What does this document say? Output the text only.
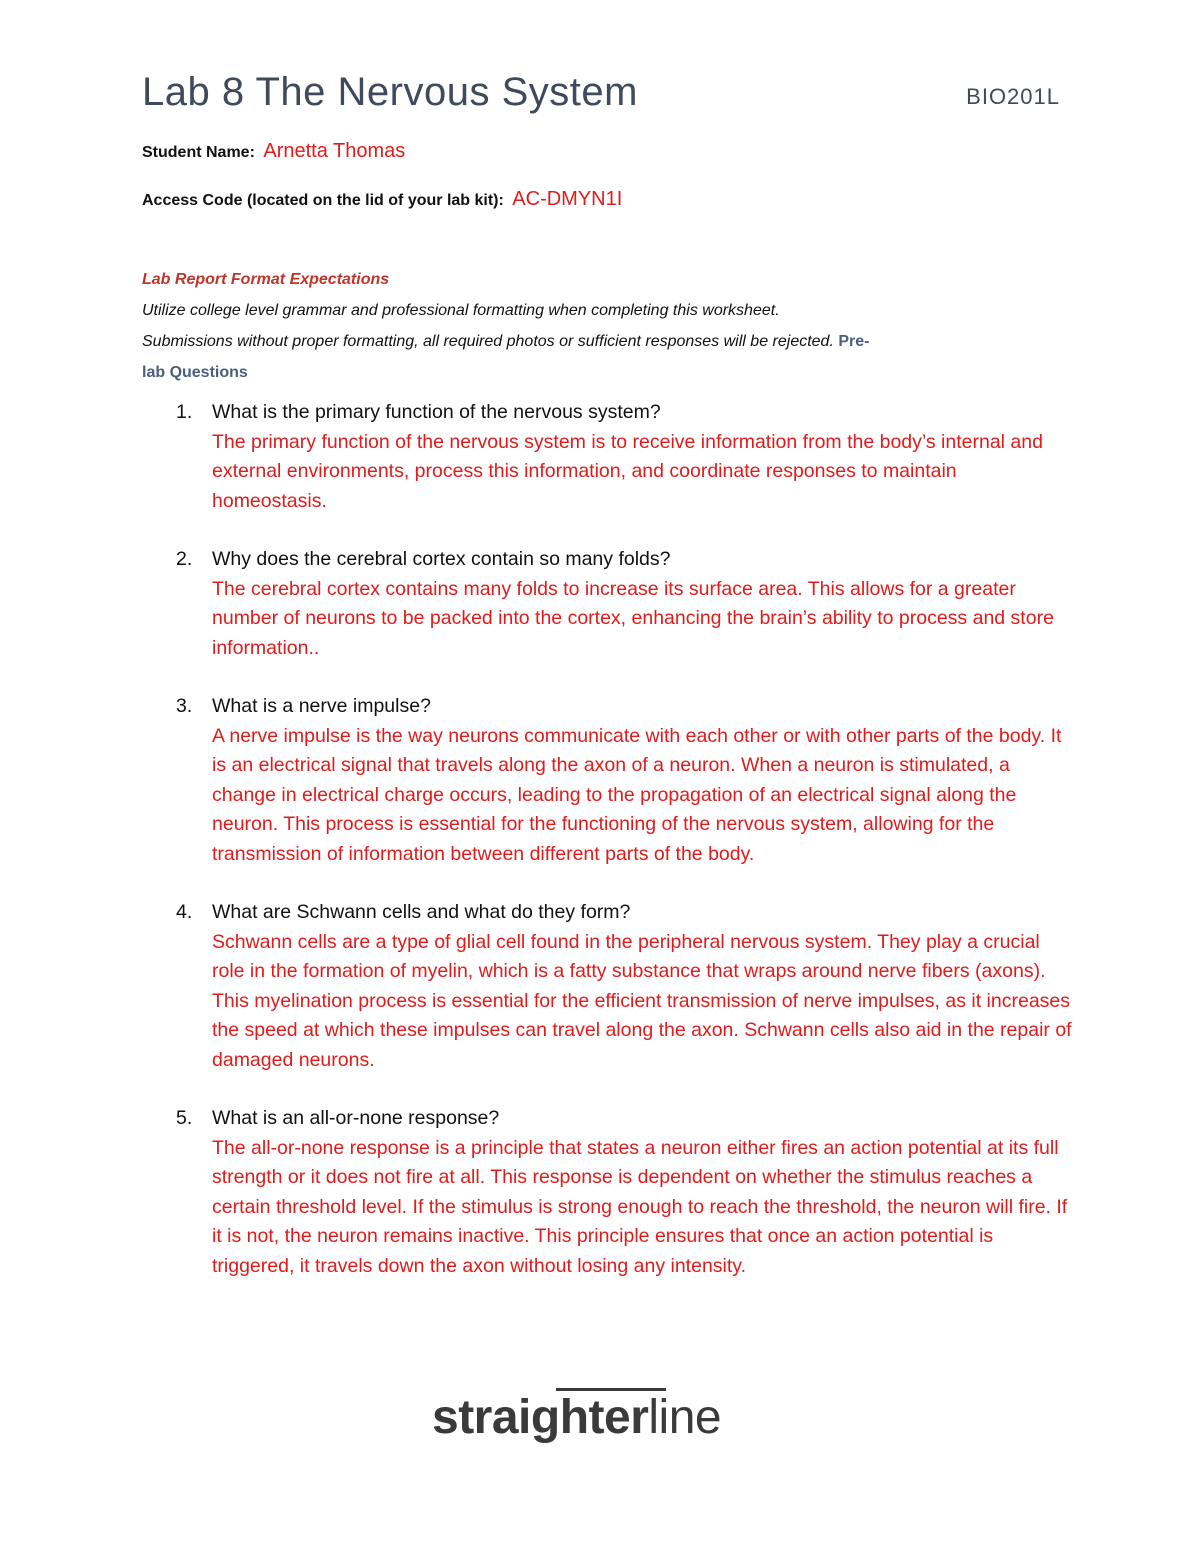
Lab 8 The Nervous System	BIO201L
Student Name: Arnetta Thomas
Access Code (located on the lid of your lab kit): AC-DMYN1I
Lab Report Format Expectations
Utilize college level grammar and professional formatting when completing this worksheet.
Submissions without proper formatting, all required photos or sufficient responses will be rejected. Pre-
lab Questions
1. What is the primary function of the nervous system?
The primary function of the nervous system is to receive information from the body’s internal and external environments, process this information, and coordinate responses to maintain homeostasis.
2. Why does the cerebral cortex contain so many folds?
The cerebral cortex contains many folds to increase its surface area. This allows for a greater number of neurons to be packed into the cortex, enhancing the brain’s ability to process and store information..
3. What is a nerve impulse?
A nerve impulse is the way neurons communicate with each other or with other parts of the body. It is an electrical signal that travels along the axon of a neuron. When a neuron is stimulated, a change in electrical charge occurs, leading to the propagation of an electrical signal along the neuron. This process is essential for the functioning of the nervous system, allowing for the transmission of information between different parts of the body.
4. What are Schwann cells and what do they form?
Schwann cells are a type of glial cell found in the peripheral nervous system. They play a crucial role in the formation of myelin, which is a fatty substance that wraps around nerve fibers (axons). This myelination process is essential for the efficient transmission of nerve impulses, as it increases the speed at which these impulses can travel along the axon. Schwann cells also aid in the repair of damaged neurons.
5. What is an all-or-none response?
The all-or-none response is a principle that states a neuron either fires an action potential at its full strength or it does not fire at all. This response is dependent on whether the stimulus reaches a certain threshold level. If the stimulus is strong enough to reach the threshold, the neuron will fire. If it is not, the neuron remains inactive. This principle ensures that once an action potential is triggered, it travels down the axon without losing any intensity.
straighterline
